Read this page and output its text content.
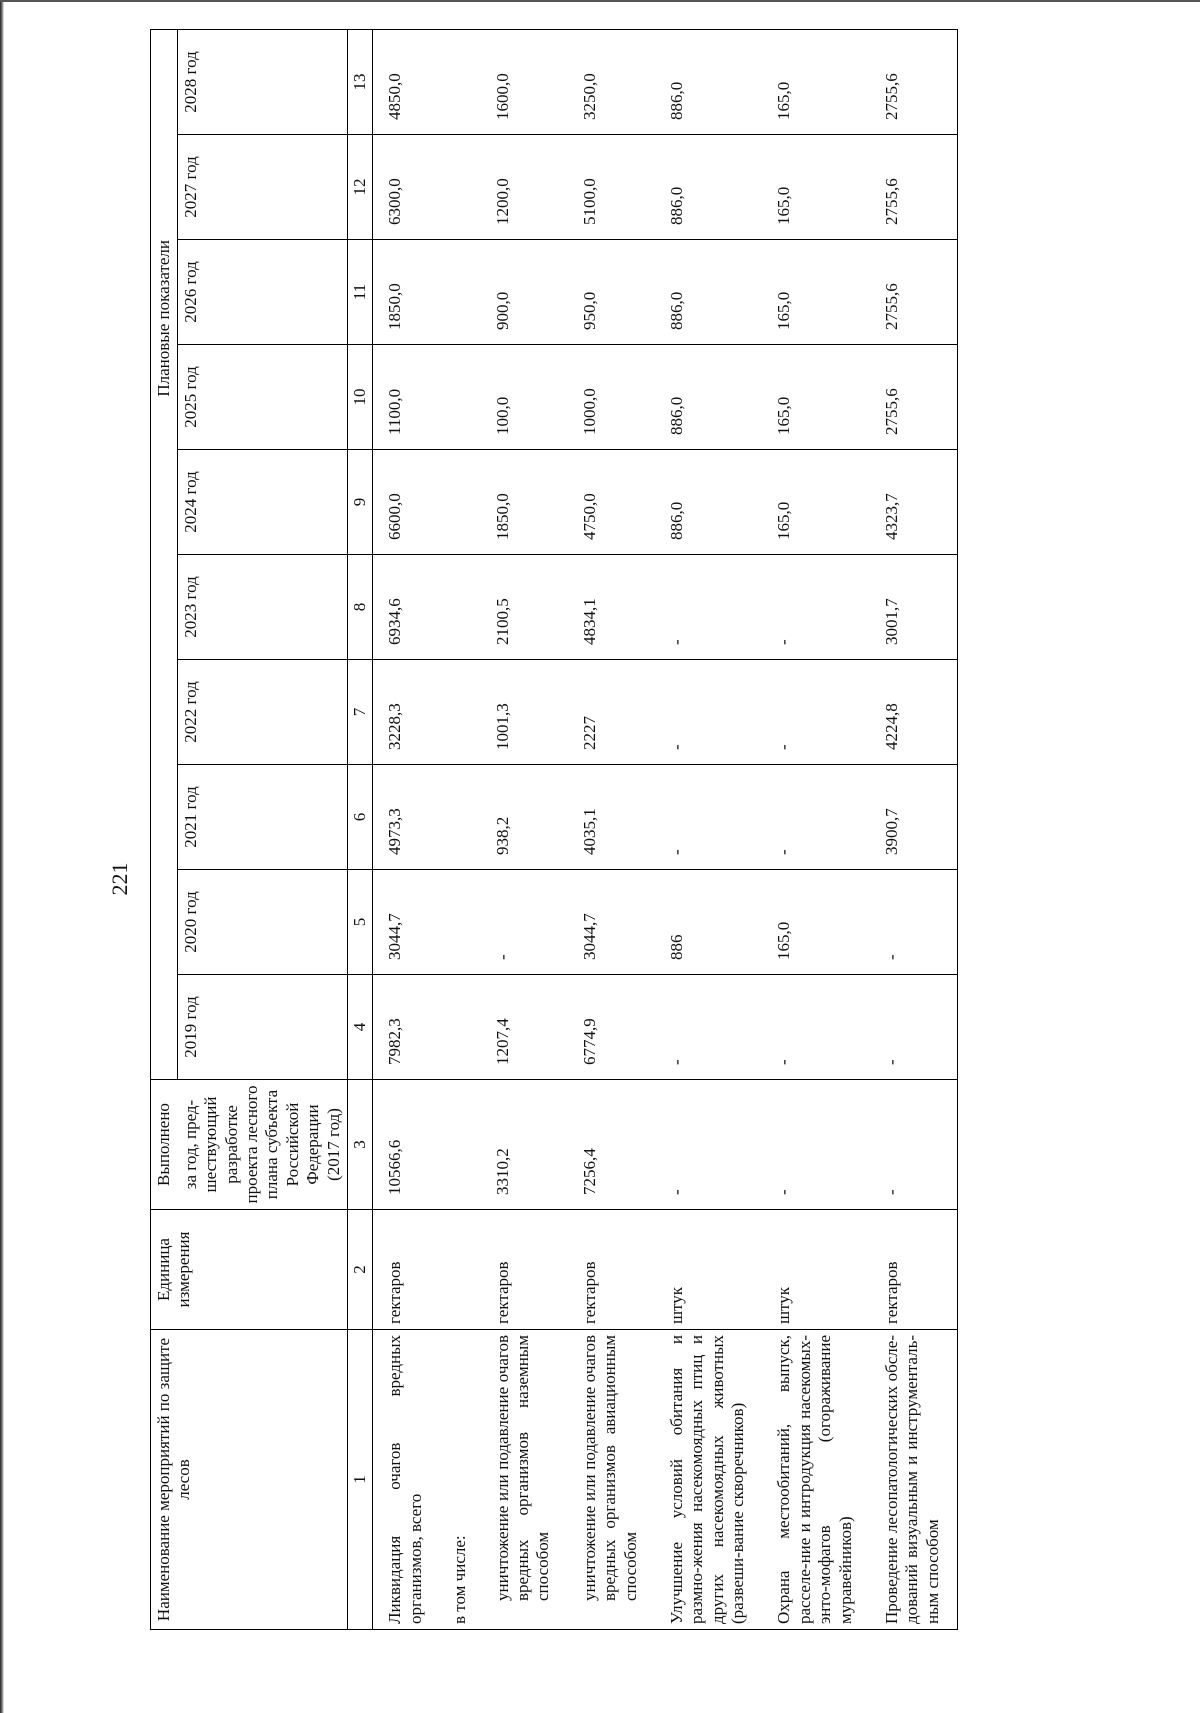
221
Наименование мероприятий по защите лесов	Единица измерения	Выполнено	Плановые показатели									
		за год, пред-шествующий разработке проекта лесного плана субъекта Российской Федерации (2017 год)	2019 год	2020 год	2021 год	2022 год	2023 год	2024 год	2025 год	2026 год	2027 год	2028 год
1	2	3	4	5	6	7	8	9	10	11	12	13
Ликвидация очагов вредных организмов, всего	гектаров	10566,6	7982,3	3044,7	4973,3	3228,3	6934,6	6600,0	1100,0	1850,0	6300,0	4850,0
в том числе:												
уничтожение или подавление очагов вредных организмов наземным способом	гектаров	3310,2	1207,4	-	938,2	1001,3	2100,5	1850,0	100,0	900,0	1200,0	1600,0
уничтожение или подавление очагов вредных организмов авиационным способом	гектаров	7256,4	6774,9	3044,7	4035,1	2227	4834,1	4750,0	1000,0	950,0	5100,0	3250,0
Улучшение условий обитания и размно-жения насекомоядных птиц и других насекомоядных животных (развеши-вание скворечников)	штук	-	-	886	-	-	-	886,0	886,0	886,0	886,0	886,0
Охрана местообитаний, выпуск, расселе-ние и интродукция насекомых-энто-мофагов (огораживание муравейников)	штук	-	-	165,0	-	-	-	165,0	165,0	165,0	165,0	165,0
Проведение лесопатологических обсле-дований визуальным и инструменталь-ным способом	гектаров	-	-	-	3900,7	4224,8	3001,7	4323,7	2755,6	2755,6	2755,6	2755,6
